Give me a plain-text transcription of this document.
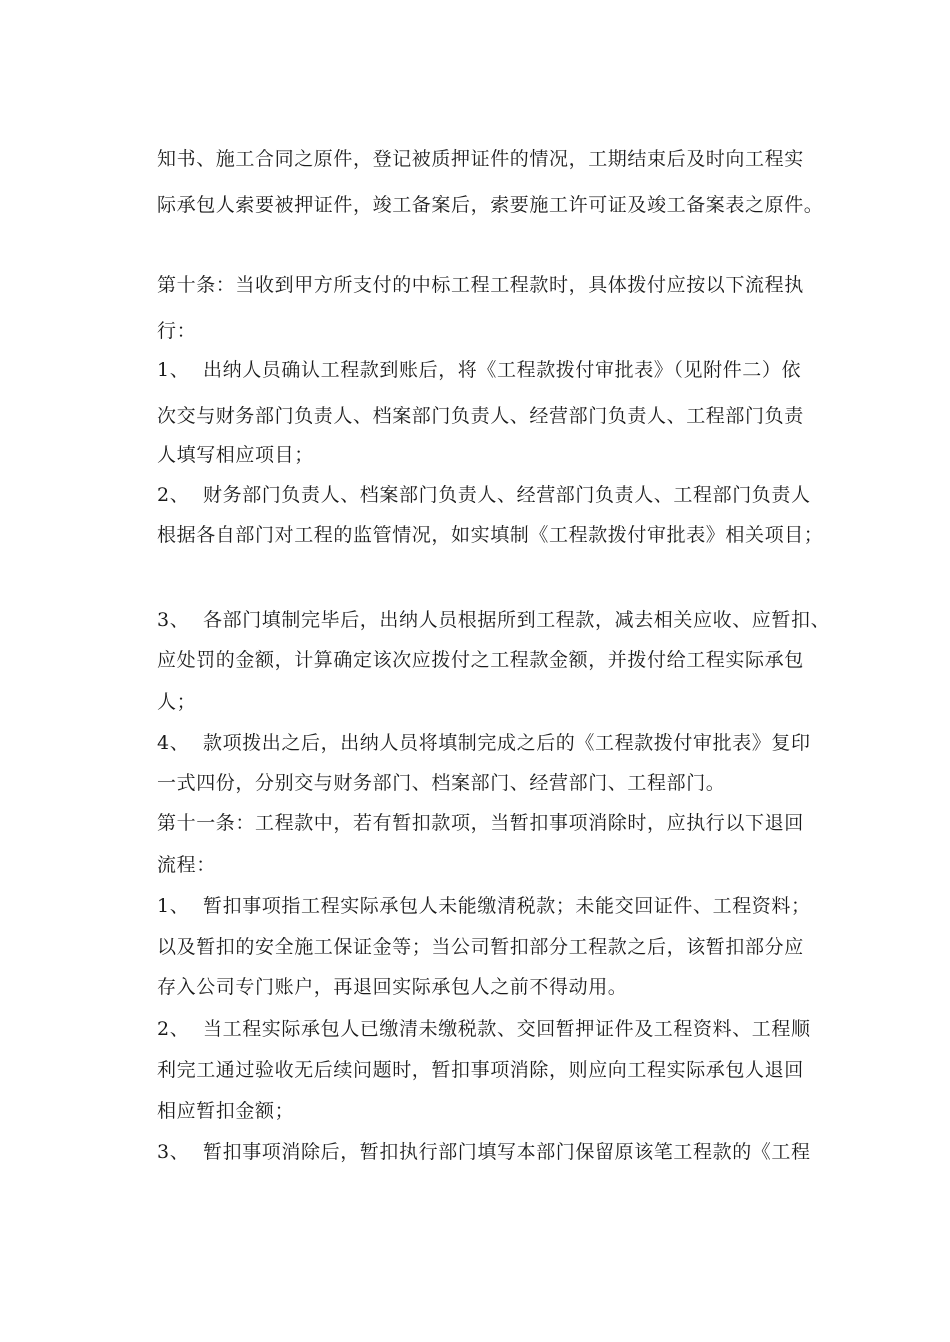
知书、施工合同之原件，登记被质押证件的情况，工期结束后及时向工程实
际承包人索要被押证件，竣工备案后，索要施工许可证及竣工备案表之原件。
第十条：当收到甲方所支付的中标工程工程款时，具体拨付应按以下流程执
行：
1、 出纳人员确认工程款到账后，将《工程款拨付审批表》（见附件二）依
次交与财务部门负责人、档案部门负责人、经营部门负责人、工程部门负责
人填写相应项目；
2、 财务部门负责人、档案部门负责人、经营部门负责人、工程部门负责人
根据各自部门对工程的监管情况，如实填制《工程款拨付审批表》相关项目；
3、 各部门填制完毕后，出纳人员根据所到工程款，减去相关应收、应暂扣、
应处罚的金额，计算确定该次应拨付之工程款金额，并拨付给工程实际承包
人；
4、 款项拨出之后，出纳人员将填制完成之后的《工程款拨付审批表》复印
一式四份，分别交与财务部门、档案部门、经营部门、工程部门。
第十一条：工程款中，若有暂扣款项，当暂扣事项消除时，应执行以下退回
流程：
1、 暂扣事项指工程实际承包人未能缴清税款；未能交回证件、工程资料；
以及暂扣的安全施工保证金等；当公司暂扣部分工程款之后，该暂扣部分应
存入公司专门账户，再退回实际承包人之前不得动用。
2、 当工程实际承包人已缴清未缴税款、交回暂押证件及工程资料、工程顺
利完工通过验收无后续问题时，暂扣事项消除，则应向工程实际承包人退回
相应暂扣金额；
3、 暂扣事项消除后，暂扣执行部门填写本部门保留原该笔工程款的《工程
